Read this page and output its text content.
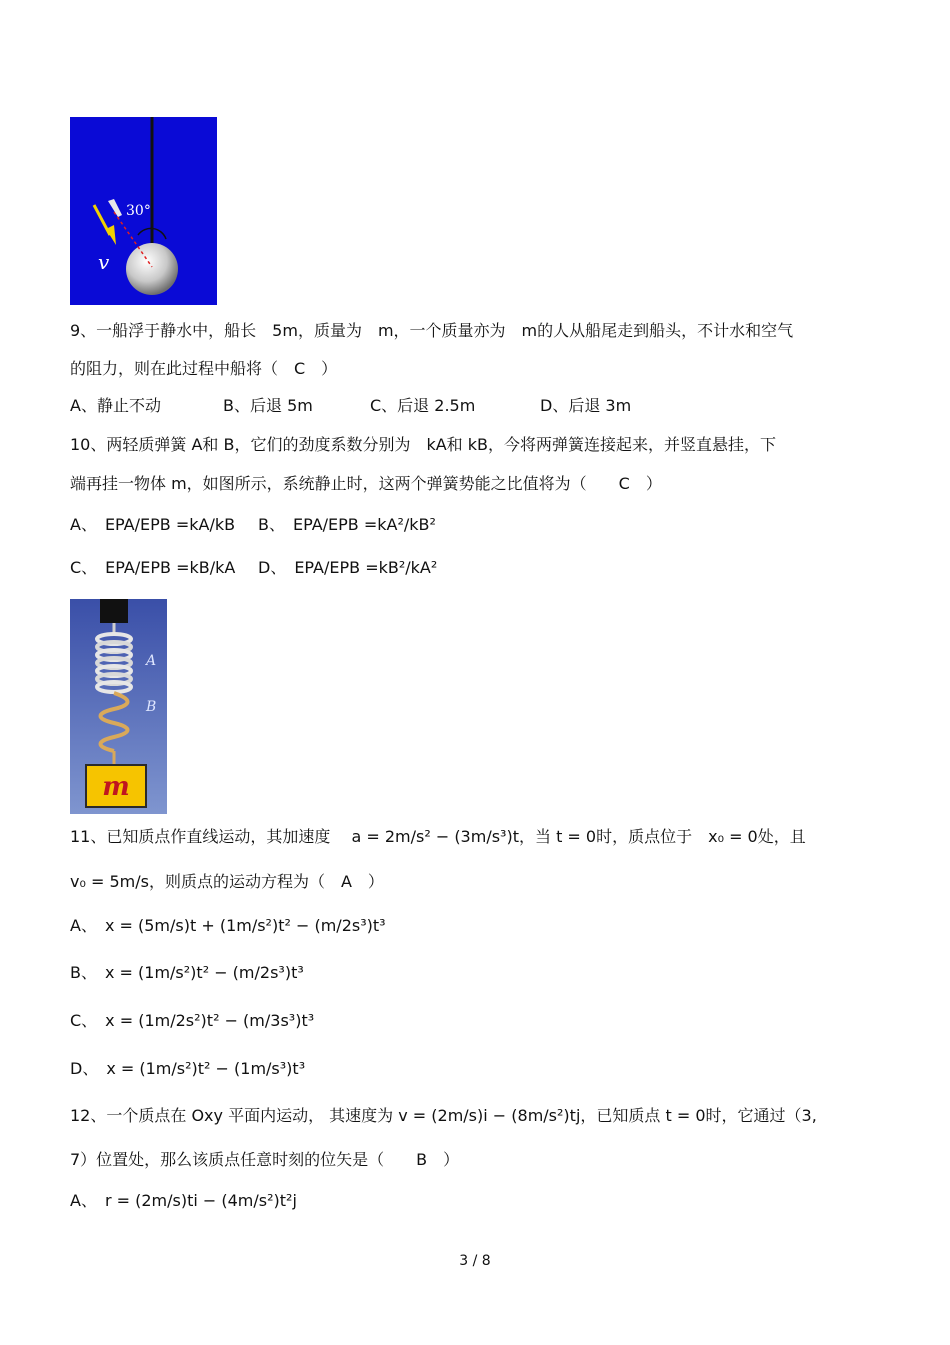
30°
v
9、一船浮于静水中，船长　5m，质量为　m，一个质量亦为　m的人从船尾走到船头，不计水和空气
的阻力，则在此过程中船将（　C　）
A、静止不动	B、后退 5m	C、后退 2.5m	D、后退 3m
10、两轻质弹簧 A和 B，它们的劲度系数分别为　kA和 kB，今将两弹簧连接起来，并竖直悬挂，下
端再挂一物体 m，如图所示，系统静止时，这两个弹簧势能之比值将为（　　C　）
A、　EPA/EPB =kA/kB B、　EPA/EPB =kA²/kB²
C、　EPA/EPB =kB/kA D、　EPA/EPB =kB²/kA²
A
B
m
11、已知质点作直线运动，其加速度　 a = 2m/s² − (3m/s³)t，当 t = 0时，质点位于　x₀ = 0处，且
v₀ = 5m/s，则质点的运动方程为（　A　）
A、　x = (5m/s)t + (1m/s²)t² − (m/2s³)t³
B、　x = (1m/s²)t² − (m/2s³)t³
C、　x = (1m/2s²)t² − (m/3s³)t³
D、　x = (1m/s²)t² − (1m/s³)t³
12、一个质点在 Oxy 平面内运动， 其速度为 v = (2m/s)i − (8m/s²)tj，已知质点 t = 0时，它通过（3,
7）位置处，那么该质点任意时刻的位矢是（　　B　）
A、　r = (2m/s)ti − (4m/s²)t²j
3 / 8
